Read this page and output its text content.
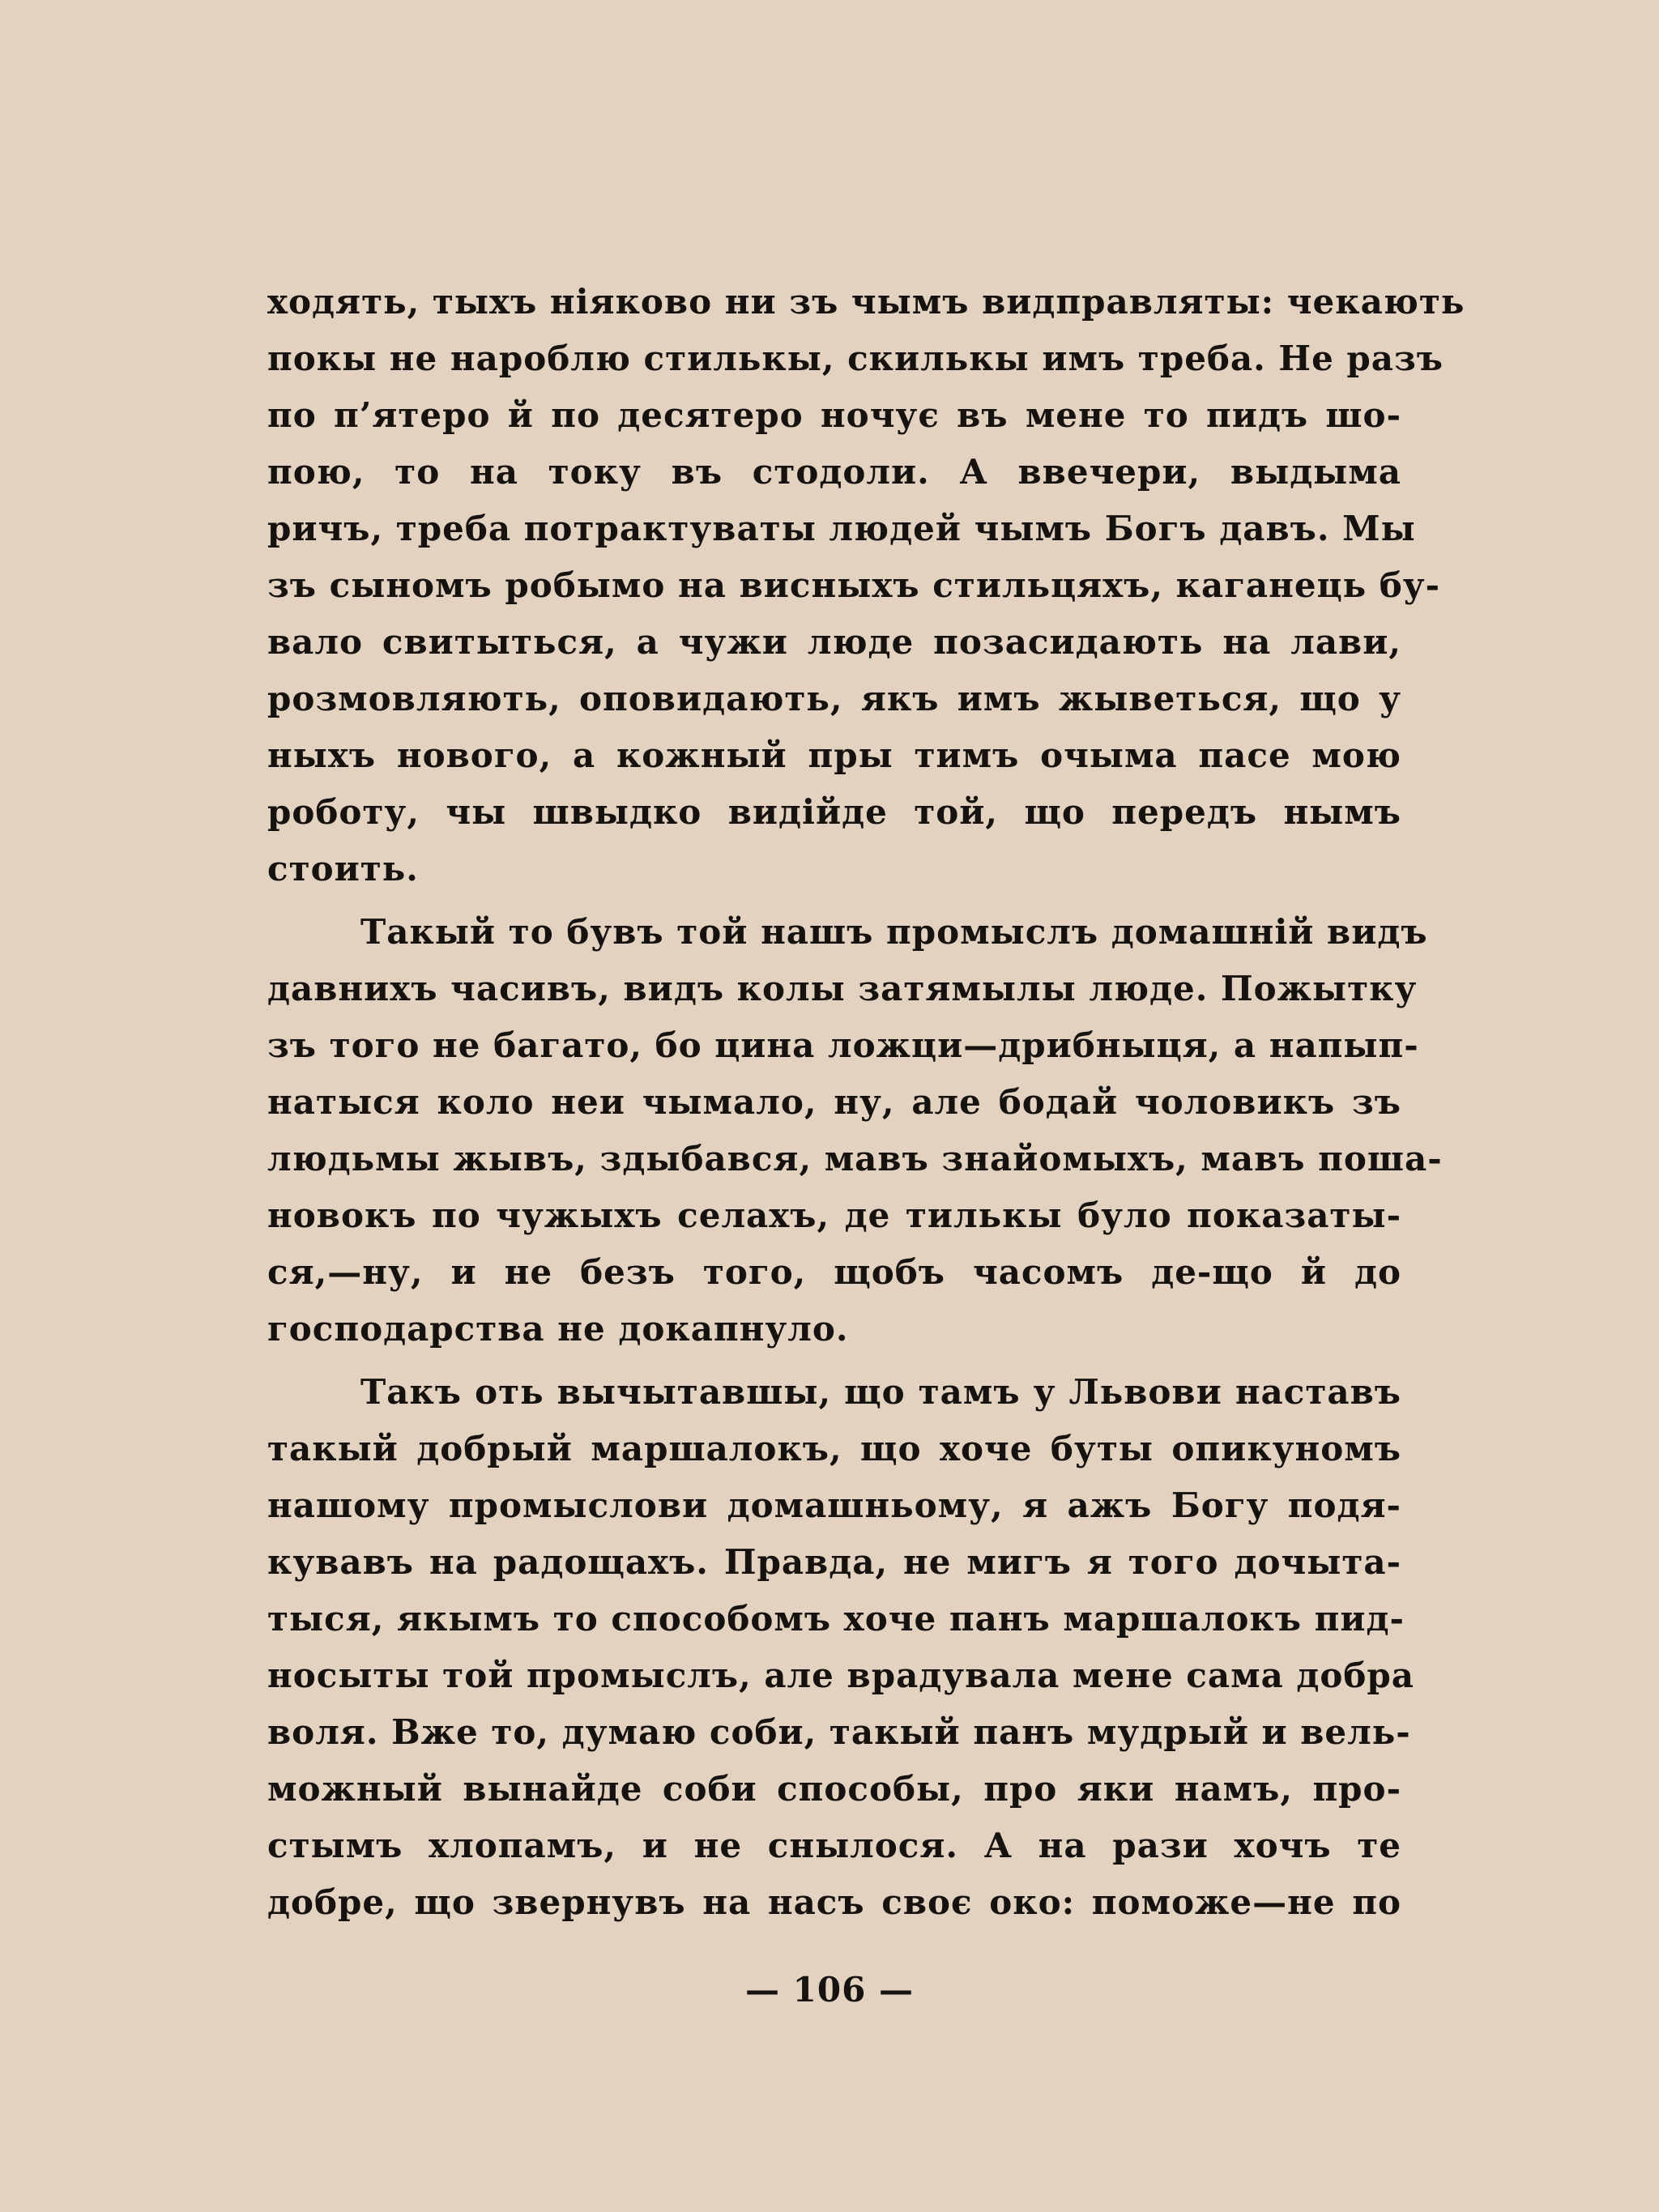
ходять, тыхъ ніяково ни зъ чымъ видправляты: чекають
покы не нароблю стилькы, скилькы имъ треба. Не разъ
по п’ятеро й по десятеро ночує въ мене то пидъ шо-
пою, то на току въ стодоли. А ввечери, выдыма
ричъ, треба потрактуваты людей чымъ Богъ давъ. Мы
зъ сыномъ робымо на висныхъ стильцяхъ, каганець бу-
вало свитыться, а чужи люде позасидають на лави,
розмовляють, оповидають, якъ имъ жыветься, що у
ныхъ нового, а кожный пры тимъ очыма пасе мою
роботу, чы швыдко видійде той, що передъ нымъ
стоить.
Такый то бувъ той нашъ промыслъ домашній видъ
давнихъ часивъ, видъ колы затямылы люде. Пожытку
зъ того не багато, бо цина ложци—дрибныця, а напып-
натыся коло неи чымало, ну, але бодай чоловикъ зъ
людьмы жывъ, здыбався, мавъ знайомыхъ, мавъ поша-
новокъ по чужыхъ селахъ, де тилькы було показаты-
ся,—ну, и не безъ того, щобъ часомъ де-що й до
господарства не докапнуло.
Такъ оть вычытавшы, що тамъ у Львови наставъ
такый добрый маршалокъ, що хоче буты опикуномъ
нашому промыслови домашньому, я ажъ Богу подя-
кувавъ на радощахъ. Правда, не мигъ я того дочыта-
тыся, якымъ то способомъ хоче панъ маршалокъ пид-
носыты той промыслъ, але врадувала мене сама добра
воля. Вже то, думаю соби, такый панъ мудрый и вель-
можный вынайде соби способы, про яки намъ, про-
стымъ хлопамъ, и не снылося. А на рази хочъ те
добре, що звернувъ на насъ своє око: поможе—не по
— 106 —
